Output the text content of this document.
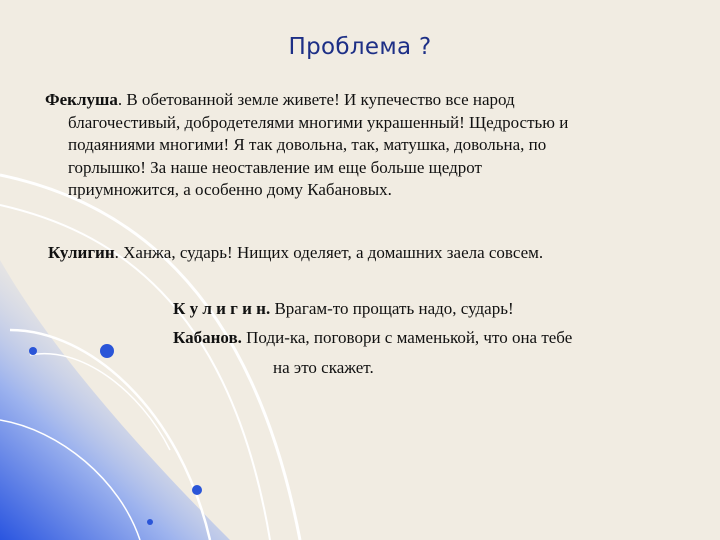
Проблема ?
Феклуша. В обетованной земле живете! И купечество все народ
благочестивый, добродетелями многими украшенный! Щедростью и
подаяниями многими! Я так довольна, так, матушка, довольна, по
горлышко! За наше неоставление им еще больше щедрот
приумножится, а особенно дому Кабановых.
Кулигин. Ханжа, сударь! Нищих оделяет, а домашних заела совсем.
К у л и г и н. Врагам-то прощать надо, сударь!
Кабанов. Поди-ка, поговори с маменькой, что она тебе
на это скажет.
